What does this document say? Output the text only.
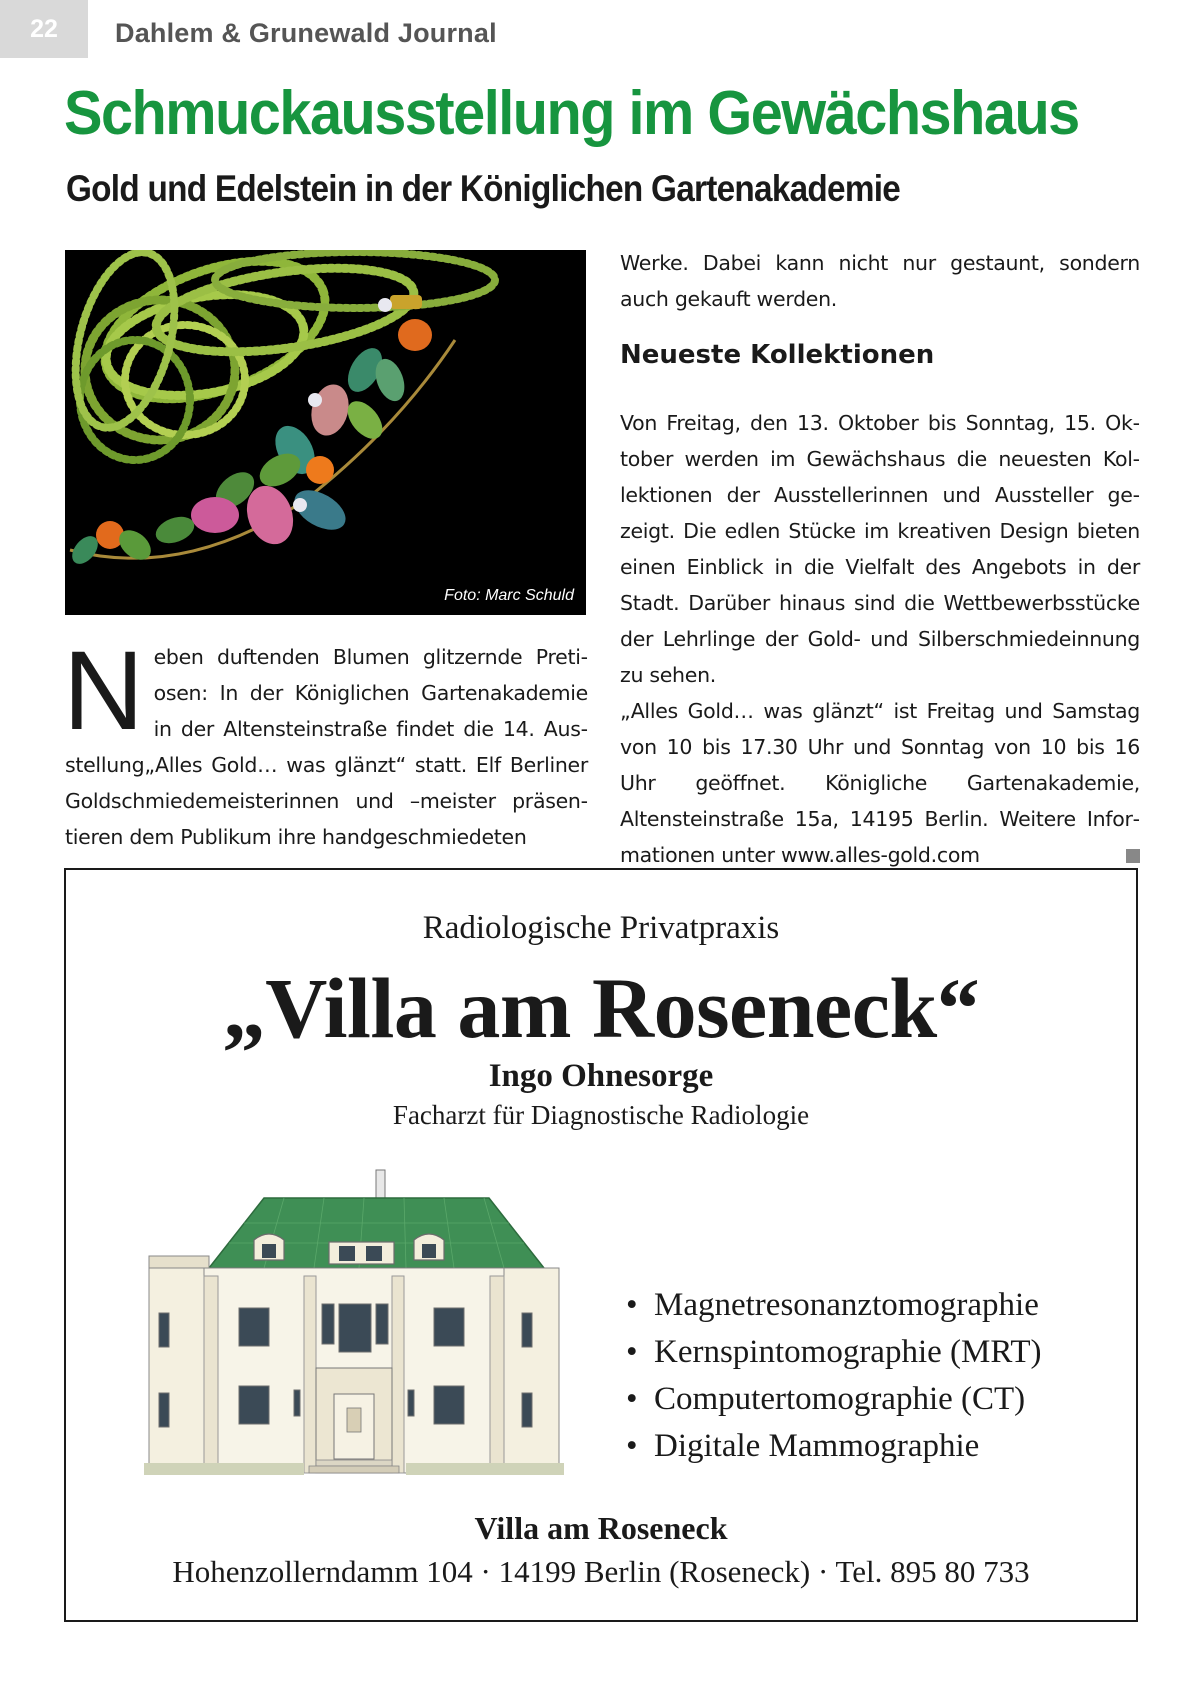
22	Dahlem & Grunewald Journal
Schmuckausstellung im Gewächshaus
Gold und Edelstein in der Königlichen Gartenakademie
Foto: Marc Schuld
N eben duftenden Blumen glitzernde Pretiosen: In der Königlichen Gartenakademie in der Altensteinstraße findet die 14. Ausstellung„Alles Gold… was glänzt“ statt. Elf Berliner Goldschmiedemeisterinnen und –meister präsentieren dem Publikum ihre handgeschmiedeten
Werke. Dabei kann nicht nur gestaunt, sondern auch gekauft werden.
Neueste Kollektionen
Von Freitag, den 13. Oktober bis Sonntag, 15. Oktober werden im Gewächshaus die neuesten Kollektionen der Ausstellerinnen und Aussteller gezeigt. Die edlen Stücke im kreativen Design bieten einen Einblick in die Vielfalt des Angebots in der Stadt. Darüber hinaus sind die Wettbewerbsstücke der Lehrlinge der Gold- und Silberschmiedeinnung zu sehen.
„Alles Gold… was glänzt“ ist Freitag und Samstag von 10 bis 17.30 Uhr und Sonntag von 10 bis 16 Uhr geöffnet. Königliche Gartenakademie, Altensteinstraße 15a, 14195 Berlin. Weitere Informationen unter www.alles-gold.com
Radiologische Privatpraxis
„Villa am Roseneck“
Ingo Ohnesorge
Facharzt für Diagnostische Radiologie
• Magnetresonanztomographie
• Kernspintomographie (MRT)
• Computertomographie (CT)
• Digitale Mammographie
Villa am Roseneck
Hohenzollerndamm 104 · 14199 Berlin (Roseneck) · Tel. 895 80 733
